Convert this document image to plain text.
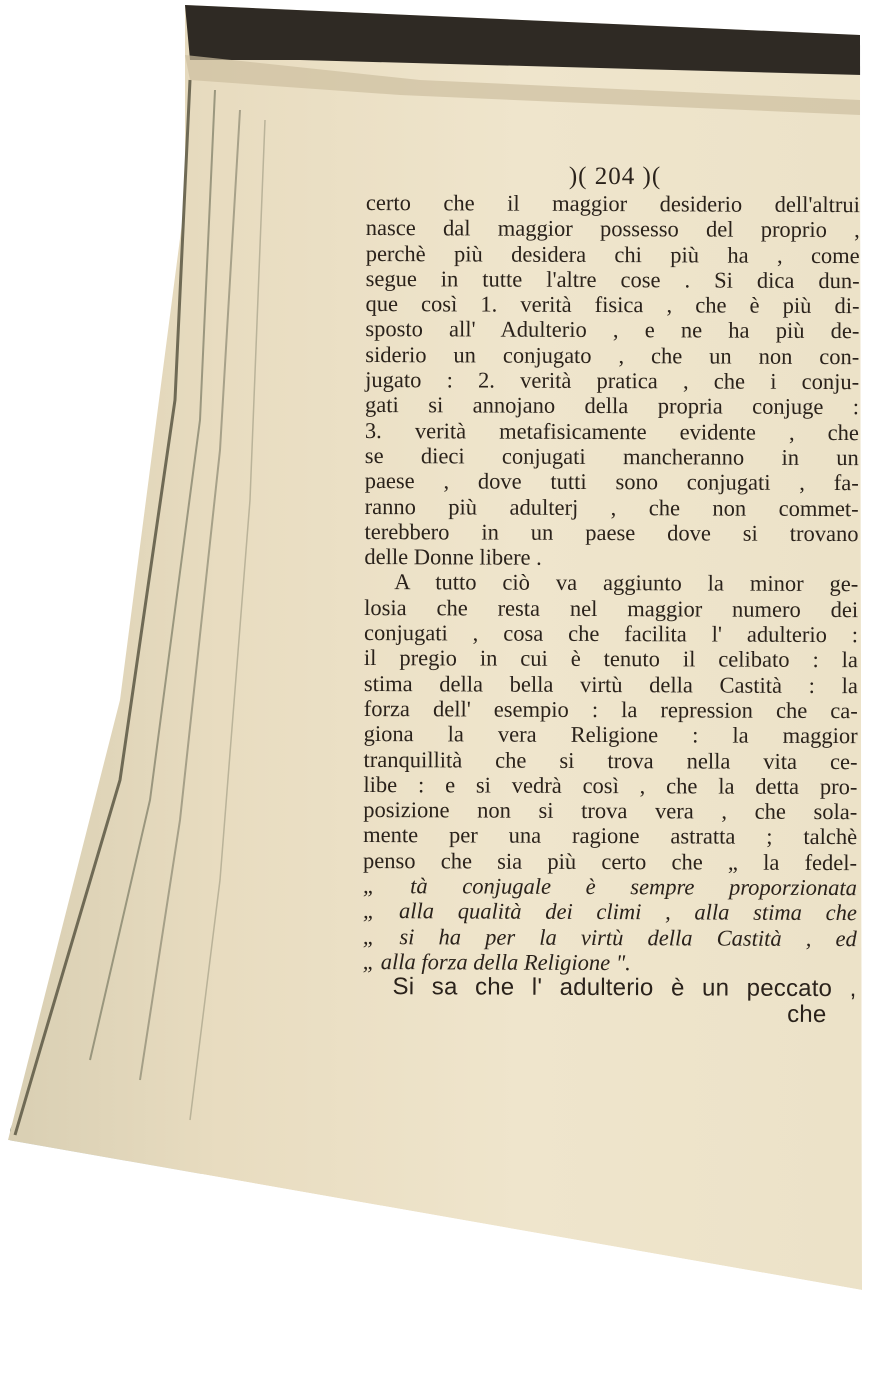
)( 204 )(
certo che il maggior desiderio dell'altrui
nasce dal maggior possesso del proprio ,
perchè più desidera chi più ha , come
segue in tutte l'altre cose . Si dica dun-
que così 1. verità fisica , che è più di-
sposto all' Adulterio , e ne ha più de-
siderio un conjugato , che un non con-
jugato : 2. verità pratica , che i conju-
gati si annojano della propria conjuge :
3. verità metafisicamente evidente , che
se dieci conjugati mancheranno in un
paese , dove tutti sono conjugati , fa-
ranno più adulterj , che non commet-
terebbero in un paese dove si trovano
delle Donne libere .
A tutto ciò va aggiunto la minor ge-
losia che resta nel maggior numero dei
conjugati , cosa che facilita l' adulterio :
il pregio in cui è tenuto il celibato : la
stima della bella virtù della Castità : la
forza dell' esempio : la repression che ca-
giona la vera Religione : la maggior
tranquillità che si trova nella vita ce-
libe : e si vedrà così , che la detta pro-
posizione non si trova vera , che sola-
mente per una ragione astratta ; talchè
penso che sia più certo che „ la fedel-
„ tà conjugale è sempre proporzionata
„ alla qualità dei climi , alla stima che
„ si ha per la virtù della Castità , ed
„ alla forza della Religione ".
Si sa che l' adulterio è un peccato ,
che
